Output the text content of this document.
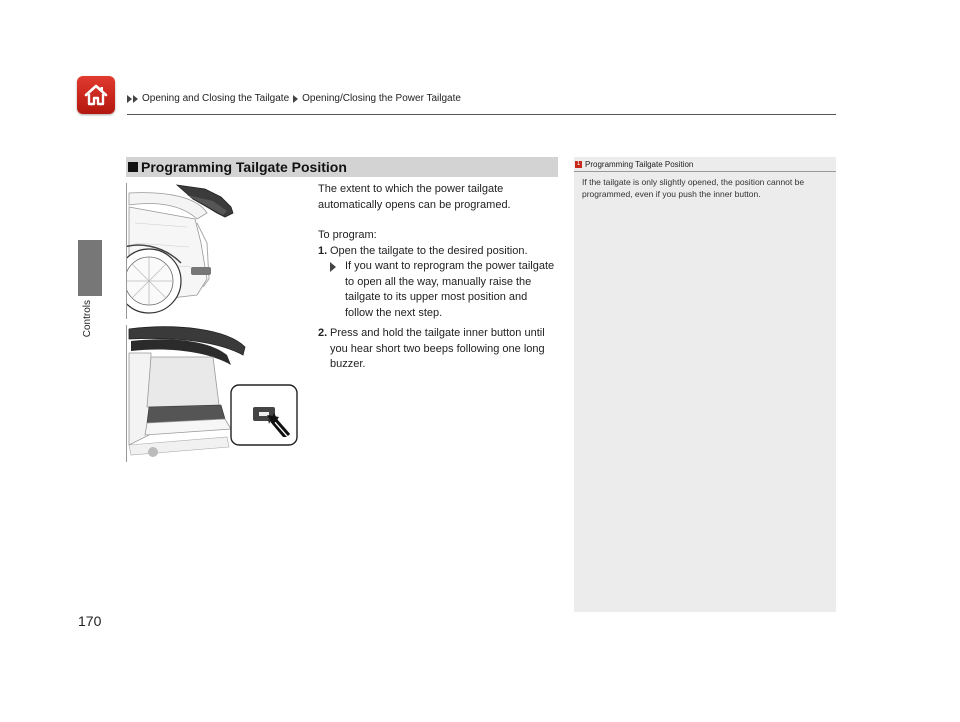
Opening and Closing the Tailgate Opening/Closing the Power Tailgate
Controls
170
Programming Tailgate Position

The extent to which the power tailgate automatically opens can be programed.

To program:

1. Open the tailgate to the desired position.
If you want to reprogram the power tailgate to open all the way, manually raise the tailgate to its upper most position and follow the next step.
2. Press and hold the tailgate inner button until you hear short two beeps following one long buzzer.
1 Programming Tailgate Position
If the tailgate is only slightly opened, the position cannot be programmed, even if you push the inner button.
